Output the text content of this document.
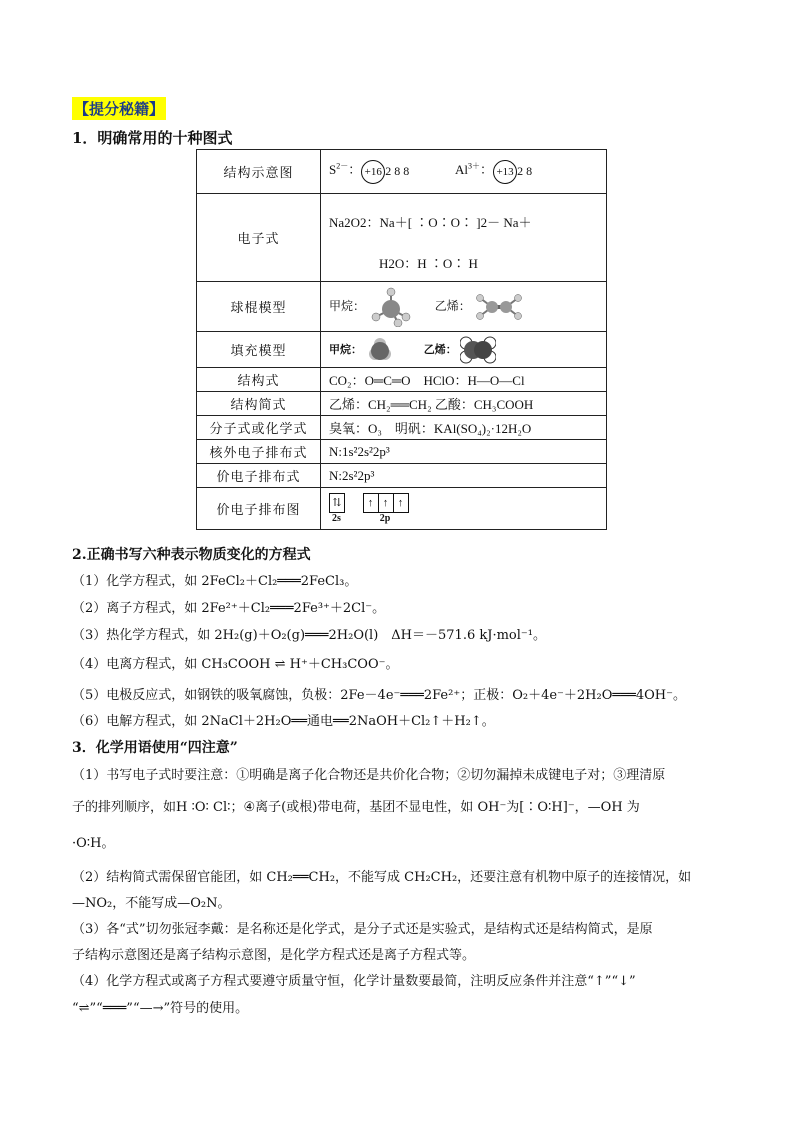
【提分秘籍】
1．明确常用的十种图式
结构示意图	$S^{2-}$： +16 2 8 8 $Al^{3+}$： +13 2 8
电子式	Na2O2：Na＋[ ∶O∶O∶ ]2－ Na＋
H2O：H ∶O∶ H

球棍模型	甲烷： 乙烯：
填充模型	甲烷： 乙烯：
结构式	CO₂：O═C═O　HClO：H—O—Cl
结构简式	乙烯：CH₂══CH₂ 乙酸：CH₃COOH
分子式或化学式	臭氧：O₃　明矾：KAl(SO₄)₂·12H₂O
核外电子排布式	N:1s²2s²2p³
价电子排布式	N:2s²2p³
价电子排布图	⇅
2s
↑ ↑ ↑
2p
2.正确书写六种表示物质变化的方程式
（1）化学方程式，如 2FeCl₂＋Cl₂═══2FeCl₃。
（2）离子方程式，如 2Fe²⁺＋Cl₂═══2Fe³⁺＋2Cl⁻。
（3）热化学方程式，如 2H₂(g)＋O₂(g)═══2H₂O(l)　ΔH＝－571.6 kJ·mol⁻¹。
（4）电离方程式，如 CH₃COOH ⇌ H⁺＋CH₃COO⁻。
（5）电极反应式，如钢铁的吸氧腐蚀，负极：2Fe－4e⁻═══2Fe²⁺；正极：O₂＋4e⁻＋2H₂O═══4OH⁻。
（6）电解方程式，如 2NaCl＋2H₂O══通电══2NaOH＋Cl₂↑＋H₂↑。
3．化学用语使用“四注意”
（1）书写电子式时要注意：①明确是离子化合物还是共价化合物；②切勿漏掉未成键电子对；③理清原
子的排列顺序，如H ∶O∶ Cl∶；④离子(或根)带电荷，基团不显电性，如 OH⁻为[∶O∶H]⁻，—OH 为
·O∶H。
（2）结构简式需保留官能团，如 CH₂══CH₂，不能写成 CH₂CH₂，还要注意有机物中原子的连接情况，如
—NO₂，不能写成—O₂N。
（3）各“式”切勿张冠李戴：是名称还是化学式，是分子式还是实验式，是结构式还是结构简式，是原
子结构示意图还是离子结构示意图，是化学方程式还是离子方程式等。
（4）化学方程式或离子方程式要遵守质量守恒，化学计量数要最简，注明反应条件并注意“↑”“↓”
“⇌”“═══”“—→”符号的使用。
